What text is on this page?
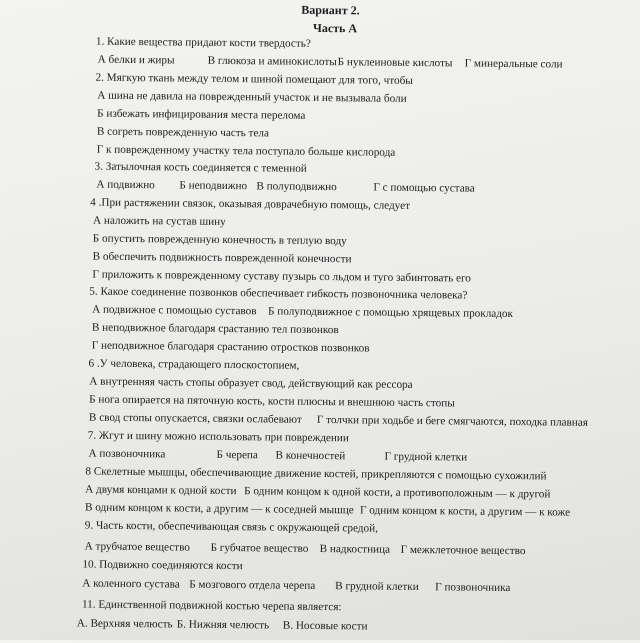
Вариант 2.
Часть А
1. Какие вещества придают кости твердость?
А белки и жиры	В глюкоза и аминокислоты Б нуклеиновые кислоты Г минеральные соли
2. Мягкую ткань между телом и шиной помещают для того, чтобы
А шина не давила на поврежденный участок и не вызывала боли
Б избежать инфицирования места перелома
В согреть поврежденную часть тела
Г к поврежденному участку тела поступало больше кислорода
3. Затылочная кость соединяется с теменной
А подвижно Б неподвижно В полуподвижно	Г с помощью сустава
4 .При растяжении связок, оказывая доврачебную помощь, следует
А наложить на сустав шину
Б опустить поврежденную конечность в теплую воду
В обеспечить подвижность поврежденной конечности
Г приложить к поврежденному суставу пузырь со льдом и туго забинтовать его
5. Какое соединение позвонков обеспечивает гибкость позвоночника человека?
А подвижное с помощью суставов Б полуподвижное с помощью хрящевых прокладок
В неподвижное благодаря срастанию тел позвонков
Г неподвижное благодаря срастанию отростков позвонков
6 .У человека, страдающего плоскостопием,
А внутренняя часть стопы образует свод, действующий как рессора
Б нога опирается на пяточную кость, кости плюсны и внешнюю часть стопы
В свод стопы опускается, связки ослабевают Г толчки при ходьбе и беге смягчаются, походка плавная
7. Жгут и шину можно использовать при повреждении
А позвоночника	Б черепа В конечностей	Г грудной клетки
8 Скелетные мышцы, обеспечивающие движение костей, прикрепляются с помощью сухожилий
А двумя концами к одной кости Б одним концом к одной кости, а противоположным — к другой
В одним концом к кости, а другим — к соседней мышце Г одним концом к кости, а другим — к коже
9. Часть кости, обеспечивающая связь с окружающей средой,
А трубчатое вещество Б губчатое вещество В надкостница Г межклеточное вещество
10. Подвижно соединяются кости
А коленного сустава Б мозгового отдела черепа В грудной клетки Г позвоночника
11. Единственной подвижной костью черепа является:
А. Верхняя челюсть Б. Нижняя челюсть В. Носовые кости
